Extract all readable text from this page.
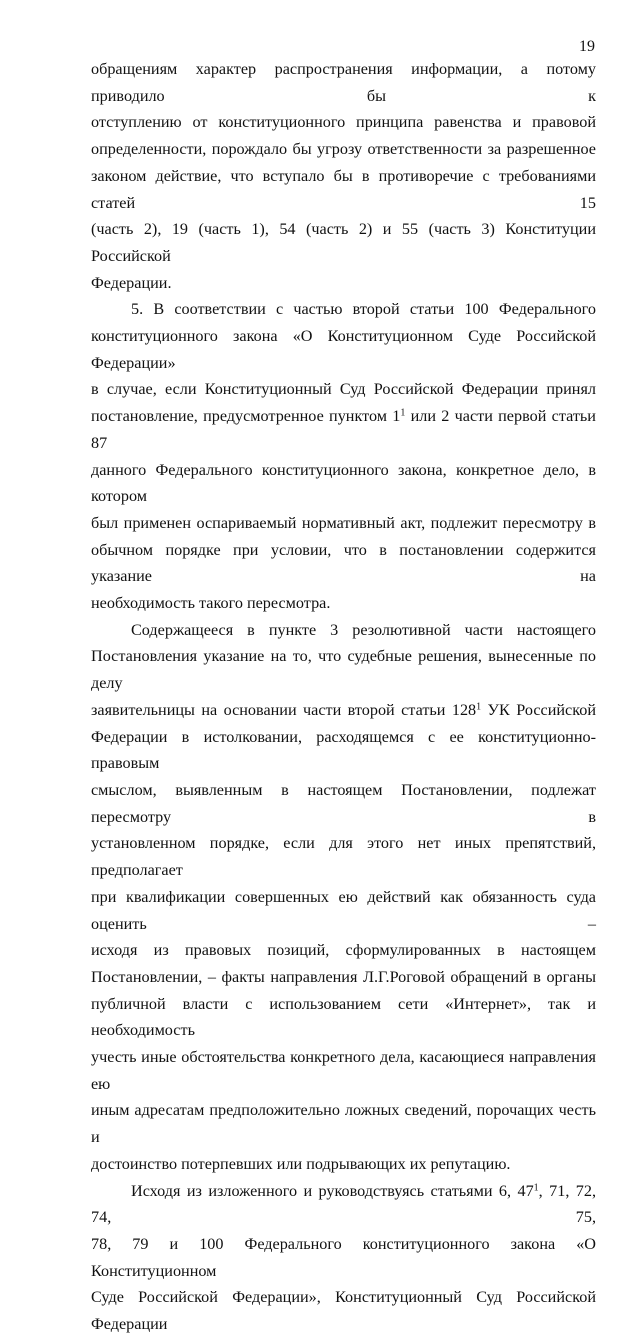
19

обращениям характер распространения информации, а потому приводило бы к
отступлению от конституционного принципа равенства и правовой
определенности, порождало бы угрозу ответственности за разрешенное
законом действие, что вступало бы в противоречие с требованиями статей 15
(часть 2), 19 (часть 1), 54 (часть 2) и 55 (часть 3) Конституции Российской
Федерации.

5. В соответствии с частью второй статьи 100 Федерального
конституционного закона «О Конституционном Суде Российской Федерации»
в случае, если Конституционный Суд Российской Федерации принял
постановление, предусмотренное пунктом $1^1$ или 2 части первой статьи 87
данного Федерального конституционного закона, конкретное дело, в котором
был применен оспариваемый нормативный акт, подлежит пересмотру в
обычном порядке при условии, что в постановлении содержится указание на
необходимость такого пересмотра.

Содержащееся в пункте 3 резолютивной части настоящего
Постановления указание на то, что судебные решения, вынесенные по делу
заявительницы на основании части второй статьи $128^1$ УК Российской
Федерации в истолковании, расходящемся с ее конституционно-правовым
смыслом, выявленным в настоящем Постановлении, подлежат пересмотру в
установленном порядке, если для этого нет иных препятствий, предполагает
при квалификации совершенных ею действий как обязанность суда оценить –
исходя из правовых позиций, сформулированных в настоящем
Постановлении, – факты направления Л.Г.Роговой обращений в органы
публичной власти с использованием сети «Интернет», так и необходимость
учесть иные обстоятельства конкретного дела, касающиеся направления ею
иным адресатам предположительно ложных сведений, порочащих честь и
достоинство потерпевших или подрывающих их репутацию.

Исходя из изложенного и руководствуясь статьями 6, $47^1$, 71, 72, 74, 75,
78, 79 и 100 Федерального конституционного закона «О Конституционном
Суде Российской Федерации», Конституционный Суд Российской Федерации
